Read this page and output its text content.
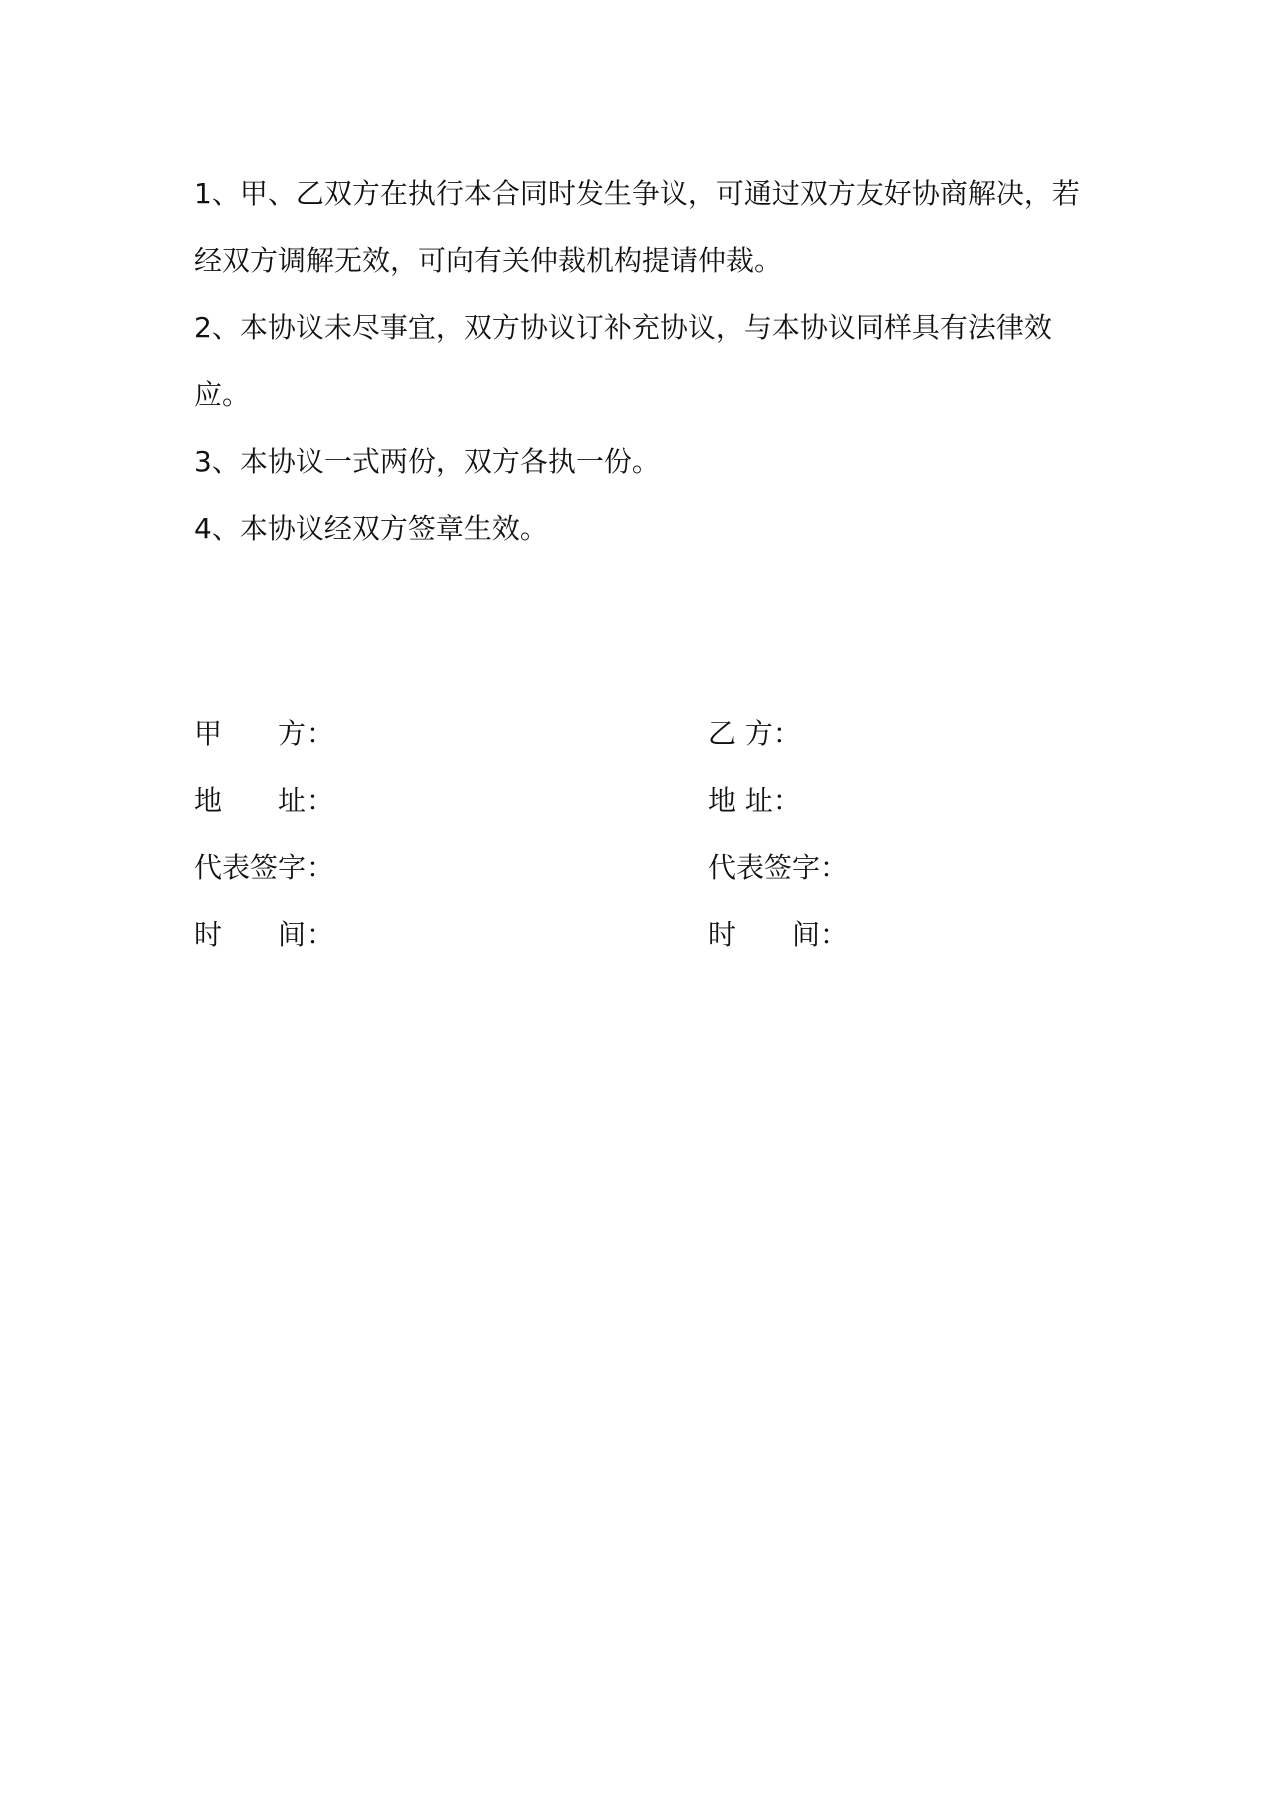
1、甲、乙双方在执行本合同时发生争议，可通过双方友好协商解决，若经双方调解无效，可向有关仲裁机构提请仲裁。

2、本协议未尽事宜，双方协议订补充协议，与本协议同样具有法律效应。

3、本协议一式两份，双方各执一份。

4、本协议经双方签章生效。

甲　　方：
地　　址：
代表签字：
时　　间：
乙 方：
地 址：
代表签字：
时　　间：
